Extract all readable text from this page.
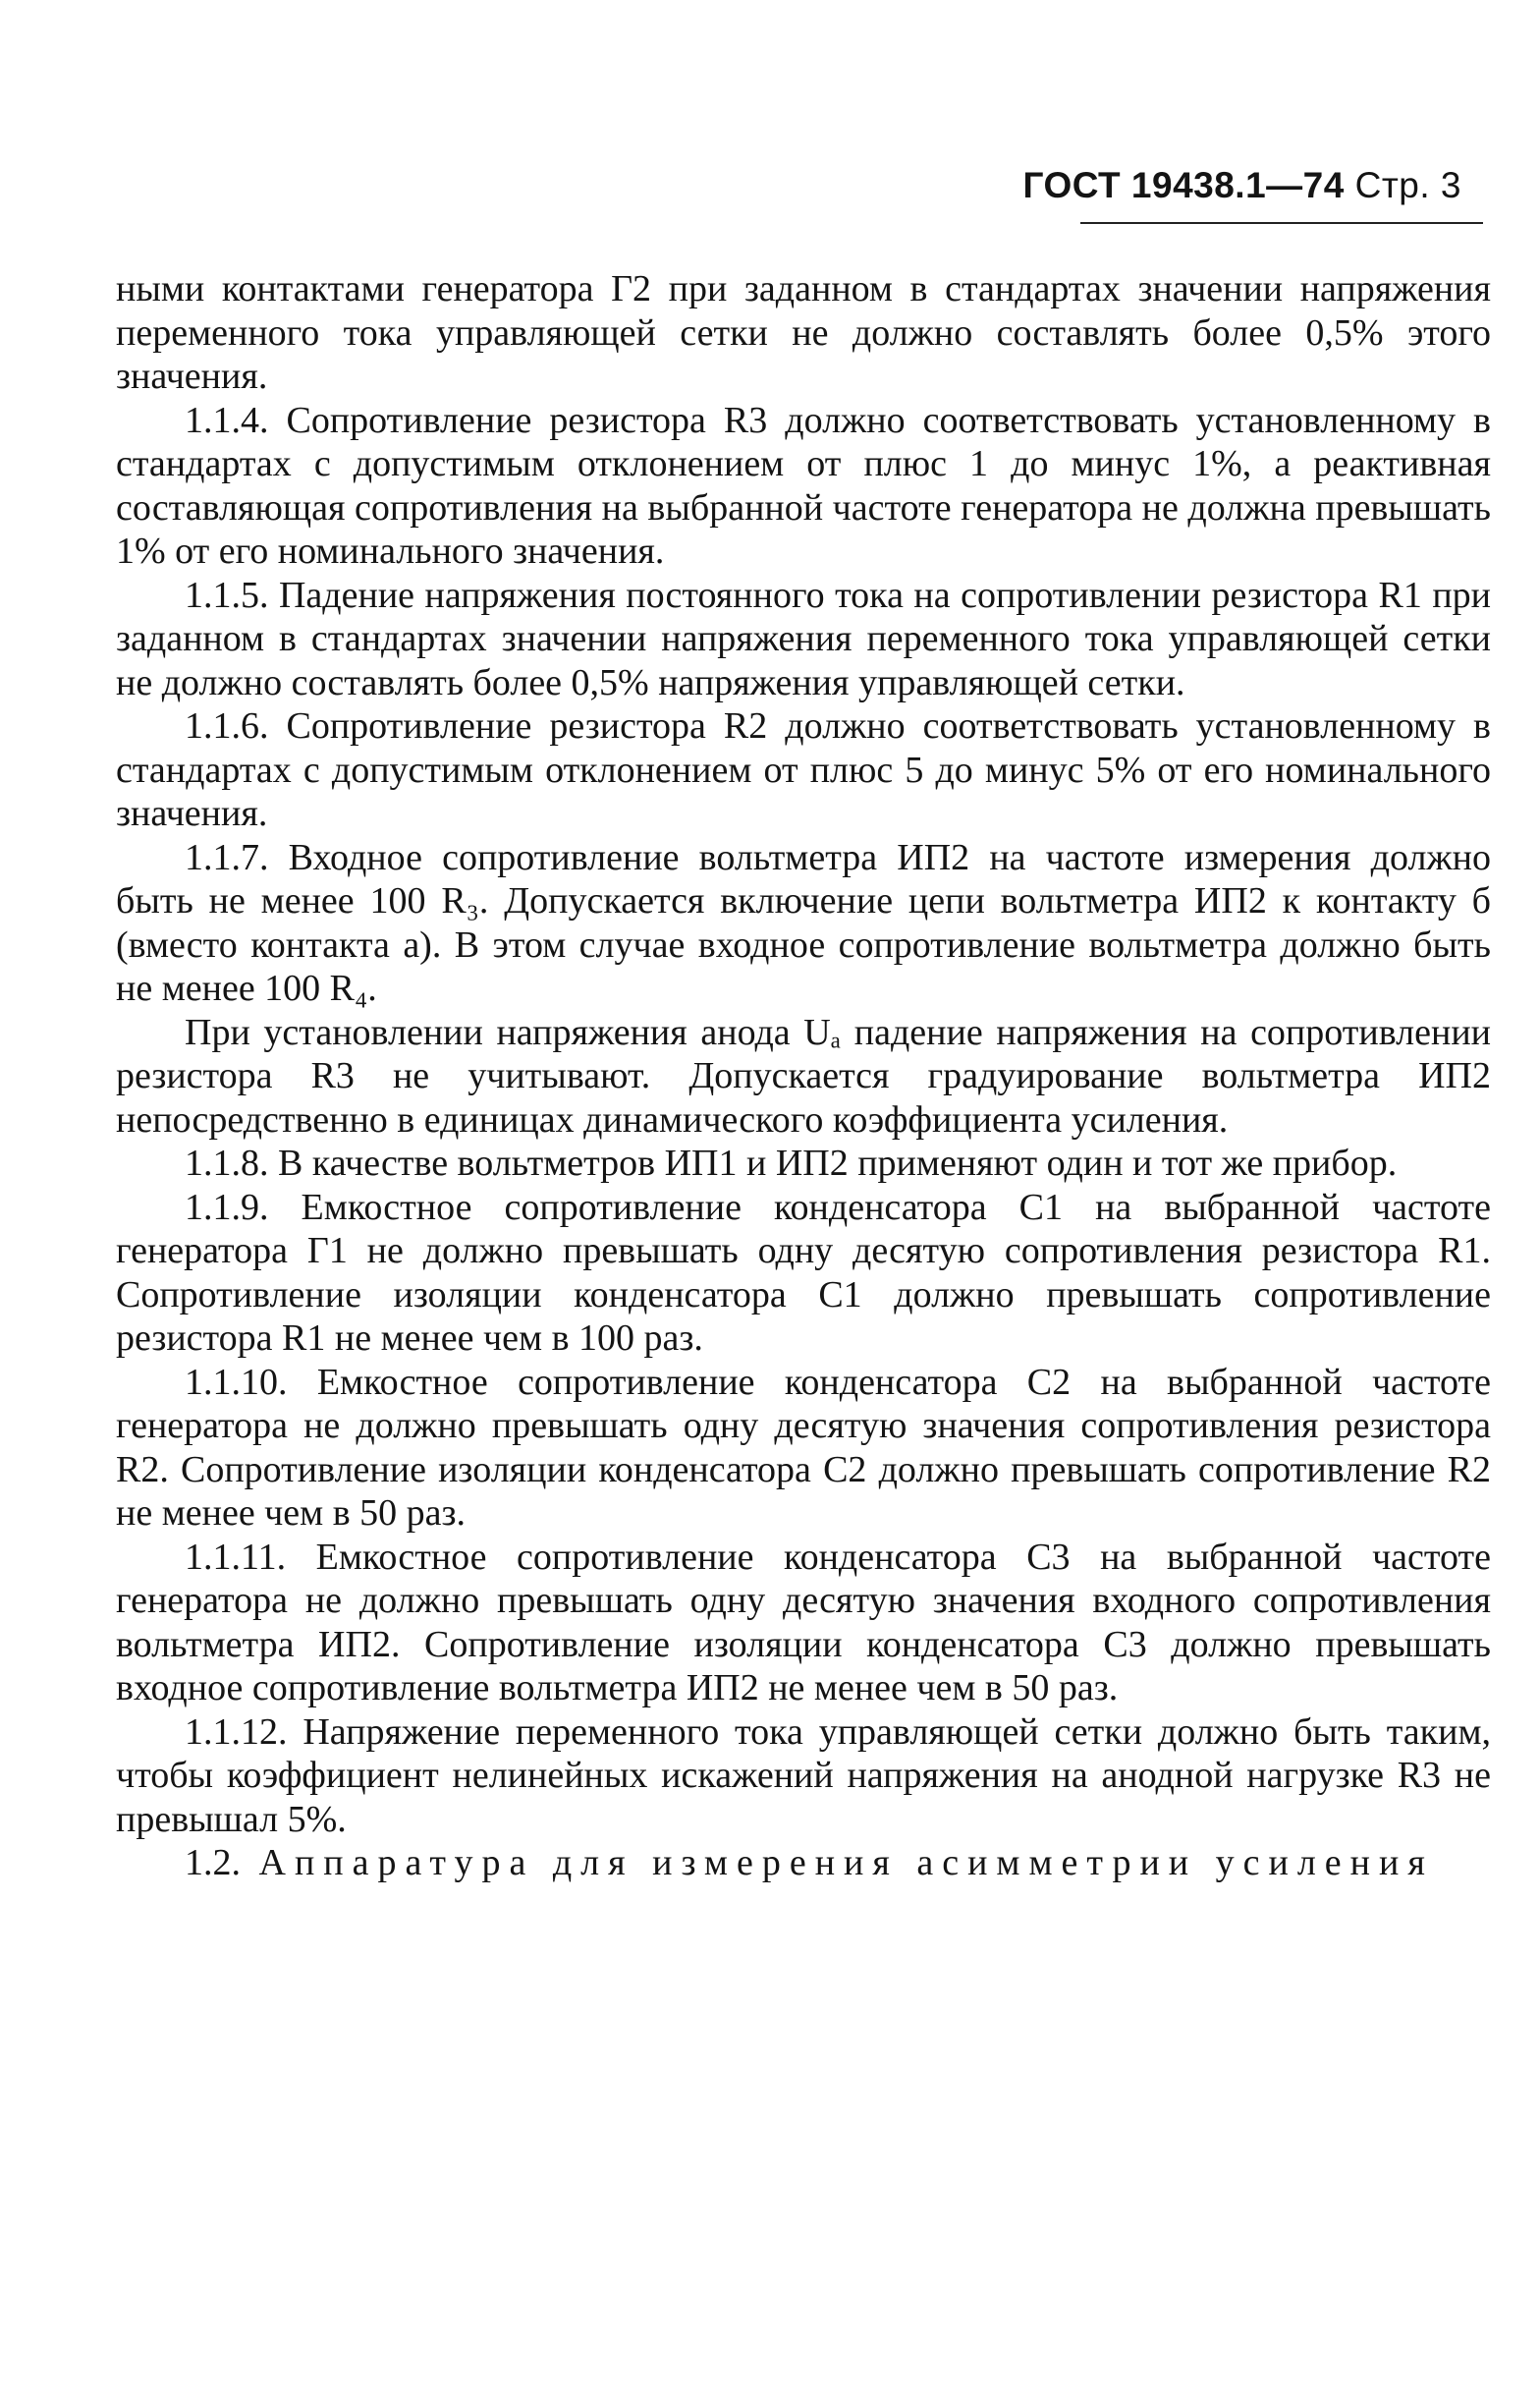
ГОСТ 19438.1—74 Стр. 3

ными контактами генератора Г2 при заданном в стандартах значении напряжения переменного тока управляющей сетки не должно составлять более 0,5% этого значения.

1.1.4. Сопротивление резистора R3 должно соответствовать установленному в стандартах с допустимым отклонением от плюс 1 до минус 1%, а реактивная составляющая сопротивления на выбранной частоте генератора не должна превышать 1% от его номинального значения.

1.1.5. Падение напряжения постоянного тока на сопротивлении резистора R1 при заданном в стандартах значении напряжения переменного тока управляющей сетки не должно составлять более 0,5% напряжения управляющей сетки.

1.1.6. Сопротивление резистора R2 должно соответствовать установленному в стандартах с допустимым отклонением от плюс 5 до минус 5% от его номинального значения.

1.1.7. Входное сопротивление вольтметра ИП2 на частоте измерения должно быть не менее 100 R₃. Допускается включение цепи вольтметра ИП2 к контакту б (вместо контакта а). В этом случае входное сопротивление вольтметра должно быть не менее 100 R₄.

При установлении напряжения анода Uₐ падение напряжения на сопротивлении резистора R3 не учитывают. Допускается градуирование вольтметра ИП2 непосредственно в единицах динамического коэффициента усиления.

1.1.8. В качестве вольтметров ИП1 и ИП2 применяют один и тот же прибор.

1.1.9. Емкостное сопротивление конденсатора С1 на выбранной частоте генератора Г1 не должно превышать одну десятую сопротивления резистора R1. Сопротивление изоляции конденсатора С1 должно превышать сопротивление резистора R1 не менее чем в 100 раз.

1.1.10. Емкостное сопротивление конденсатора С2 на выбранной частоте генератора не должно превышать одну десятую значения сопротивления резистора R2. Сопротивление изоляции конденсатора С2 должно превышать сопротивление R2 не менее чем в 50 раз.

1.1.11. Емкостное сопротивление конденсатора С3 на выбранной частоте генератора не должно превышать одну десятую значения входного сопротивления вольтметра ИП2. Сопротивление изоляции конденсатора С3 должно превышать входное сопротивление вольтметра ИП2 не менее чем в 50 раз.

1.1.12. Напряжение переменного тока управляющей сетки должно быть таким, чтобы коэффициент нелинейных искажений напряжения на анодной нагрузке R3 не превышал 5%.

1.2. Аппаратура для измерения асимметрии усиления
